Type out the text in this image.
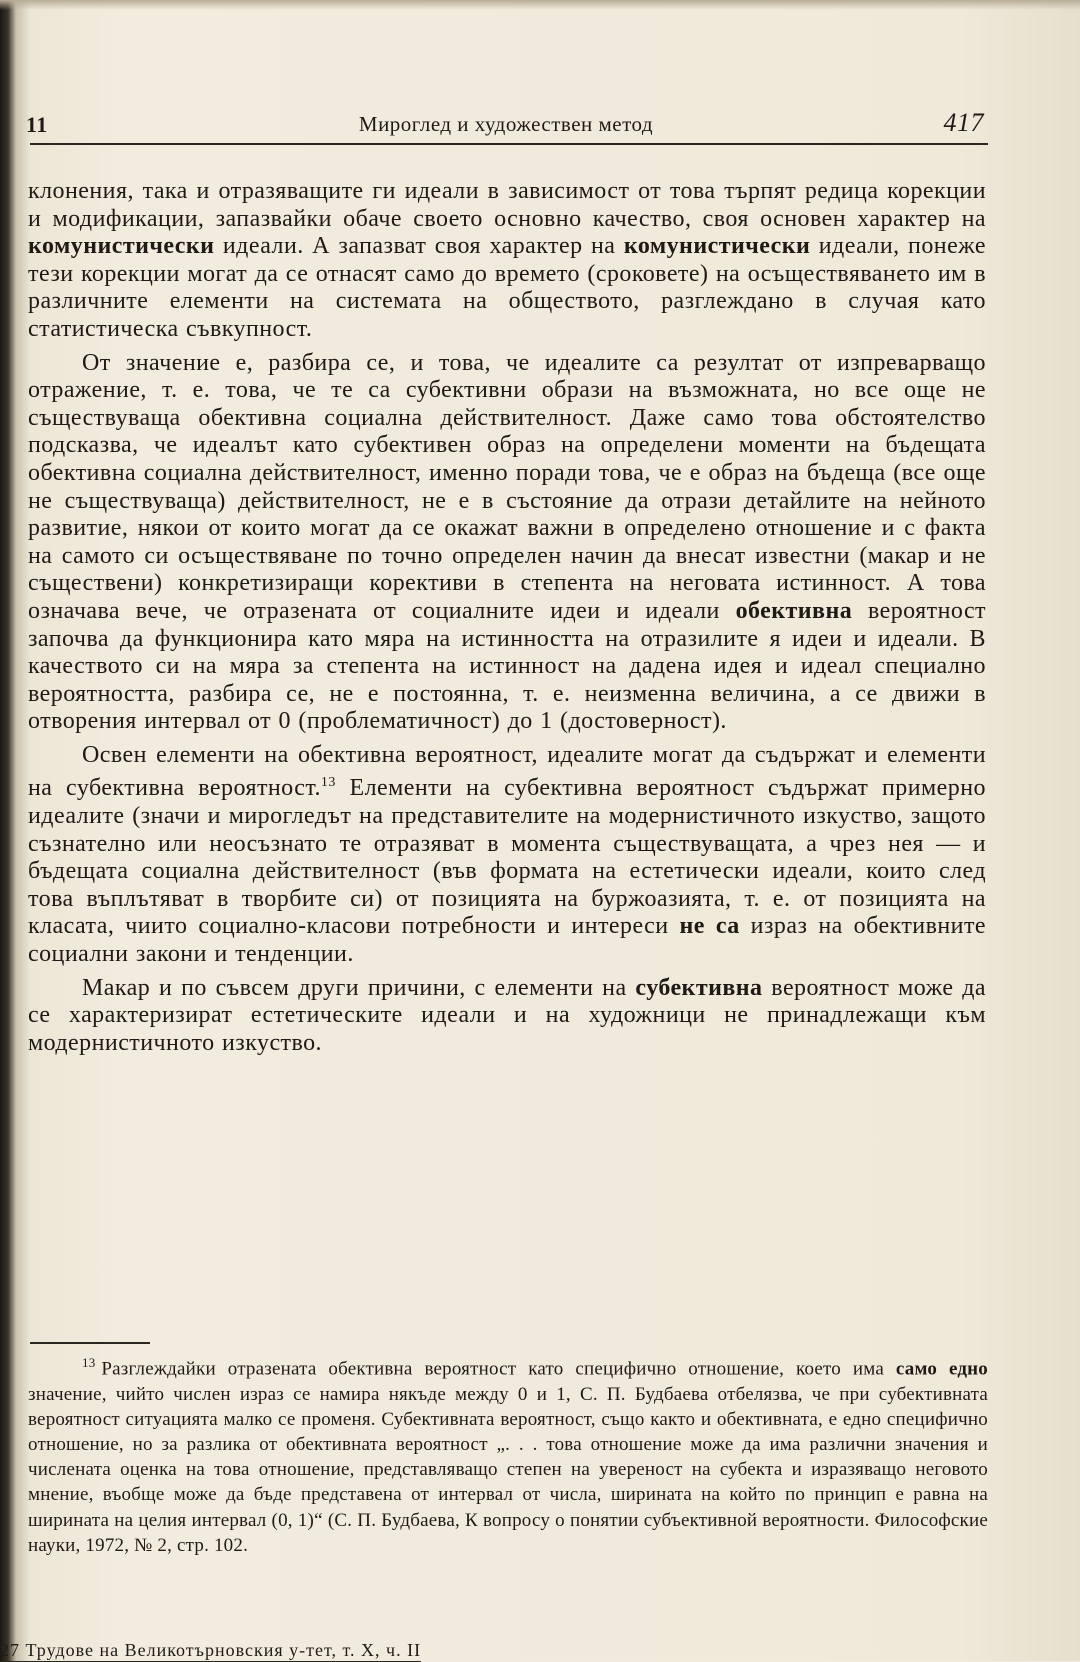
11	Мироглед и художествен метод	417

клонения, така и отразяващите ги идеали в зависимост от това търпят редица корекции и модификации, запазвайки обаче своето основно качество, своя основен характер на комунистически идеали. А запазват своя характер на комунистически идеали, понеже тези корекции могат да се отнасят само до времето (сроковете) на осъществяването им в различните елементи на системата на обществото, разглеждано в случая като статистическа съвкупност.

От значение е, разбира се, и това, че идеалите са резултат от изпреварващо отражение, т. е. това, че те са субективни образи на възможната, но все още не съществуваща обективна социална действителност. Даже само това обстоятелство подсказва, че идеалът като субективен образ на определени моменти на бъдещата обективна социална действителност, именно поради това, че е образ на бъдеща (все още не съществуваща) действителност, не е в състояние да отрази детайлите на нейното развитие, някои от които могат да се окажат важни в определено отношение и с факта на самото си осъществяване по точно определен начин да внесат известни (макар и не съществени) конкретизиращи корективи в степента на неговата истинност. А това означава вече, че отразената от социалните идеи и идеали обективна вероятност започва да функционира като мяра на истинността на отразилите я идеи и идеали. В качеството си на мяра за степента на истинност на дадена идея и идеал специално вероятността, разбира се, не е постоянна, т. е. неизменна величина, а се движи в отворения интервал от 0 (проблематичност) до 1 (достоверност).

Освен елементи на обективна вероятност, идеалите могат да съдържат и елементи на субективна вероятност.$^{13}$ Елементи на субективна вероятност съдържат примерно идеалите (значи и мирогледът на представителите на модернистичното изкуство, защото съзнателно или неосъзнато те отразяват в момента съществуващата, а чрез нея — и бъдещата социална действителност (във формата на естетически идеали, които след това въплътяват в творбите си) от позицията на буржоазията, т. е. от позицията на класата, чиито социално-класови потребности и интереси не са израз на обективните социални закони и тенденции.

Макар и по съвсем други причини, с елементи на субективна вероятност може да се характеризират естетическите идеали и на художници не принадлежащи към модернистичното изкуство.

$^{13}$ Разглеждайки отразената обективна вероятност като специфично отношение, което има само едно значение, чийто числен израз се намира някъде между 0 и 1, С. П. Будбаева отбелязва, че при субективната вероятност ситуацията малко се променя. Субективната вероятност, също както и обективната, е едно специфично отношение, но за разлика от обективната вероятност „. . . това отношение може да има различни значения и числената оценка на това отношение, представляващо степен на увереност на субекта и изразяващо неговото мнение, въобще може да бъде представена от интервал от числа, ширината на който по принцип е равна на ширината на целия интервал (0, 1)“ (С. П. Будбаева, К вопросу о понятии субъективной вероятности. Философские науки, 1972, № 2, стр. 102.
27 Трудове на Великотърновския у-тет, т. X, ч. II
